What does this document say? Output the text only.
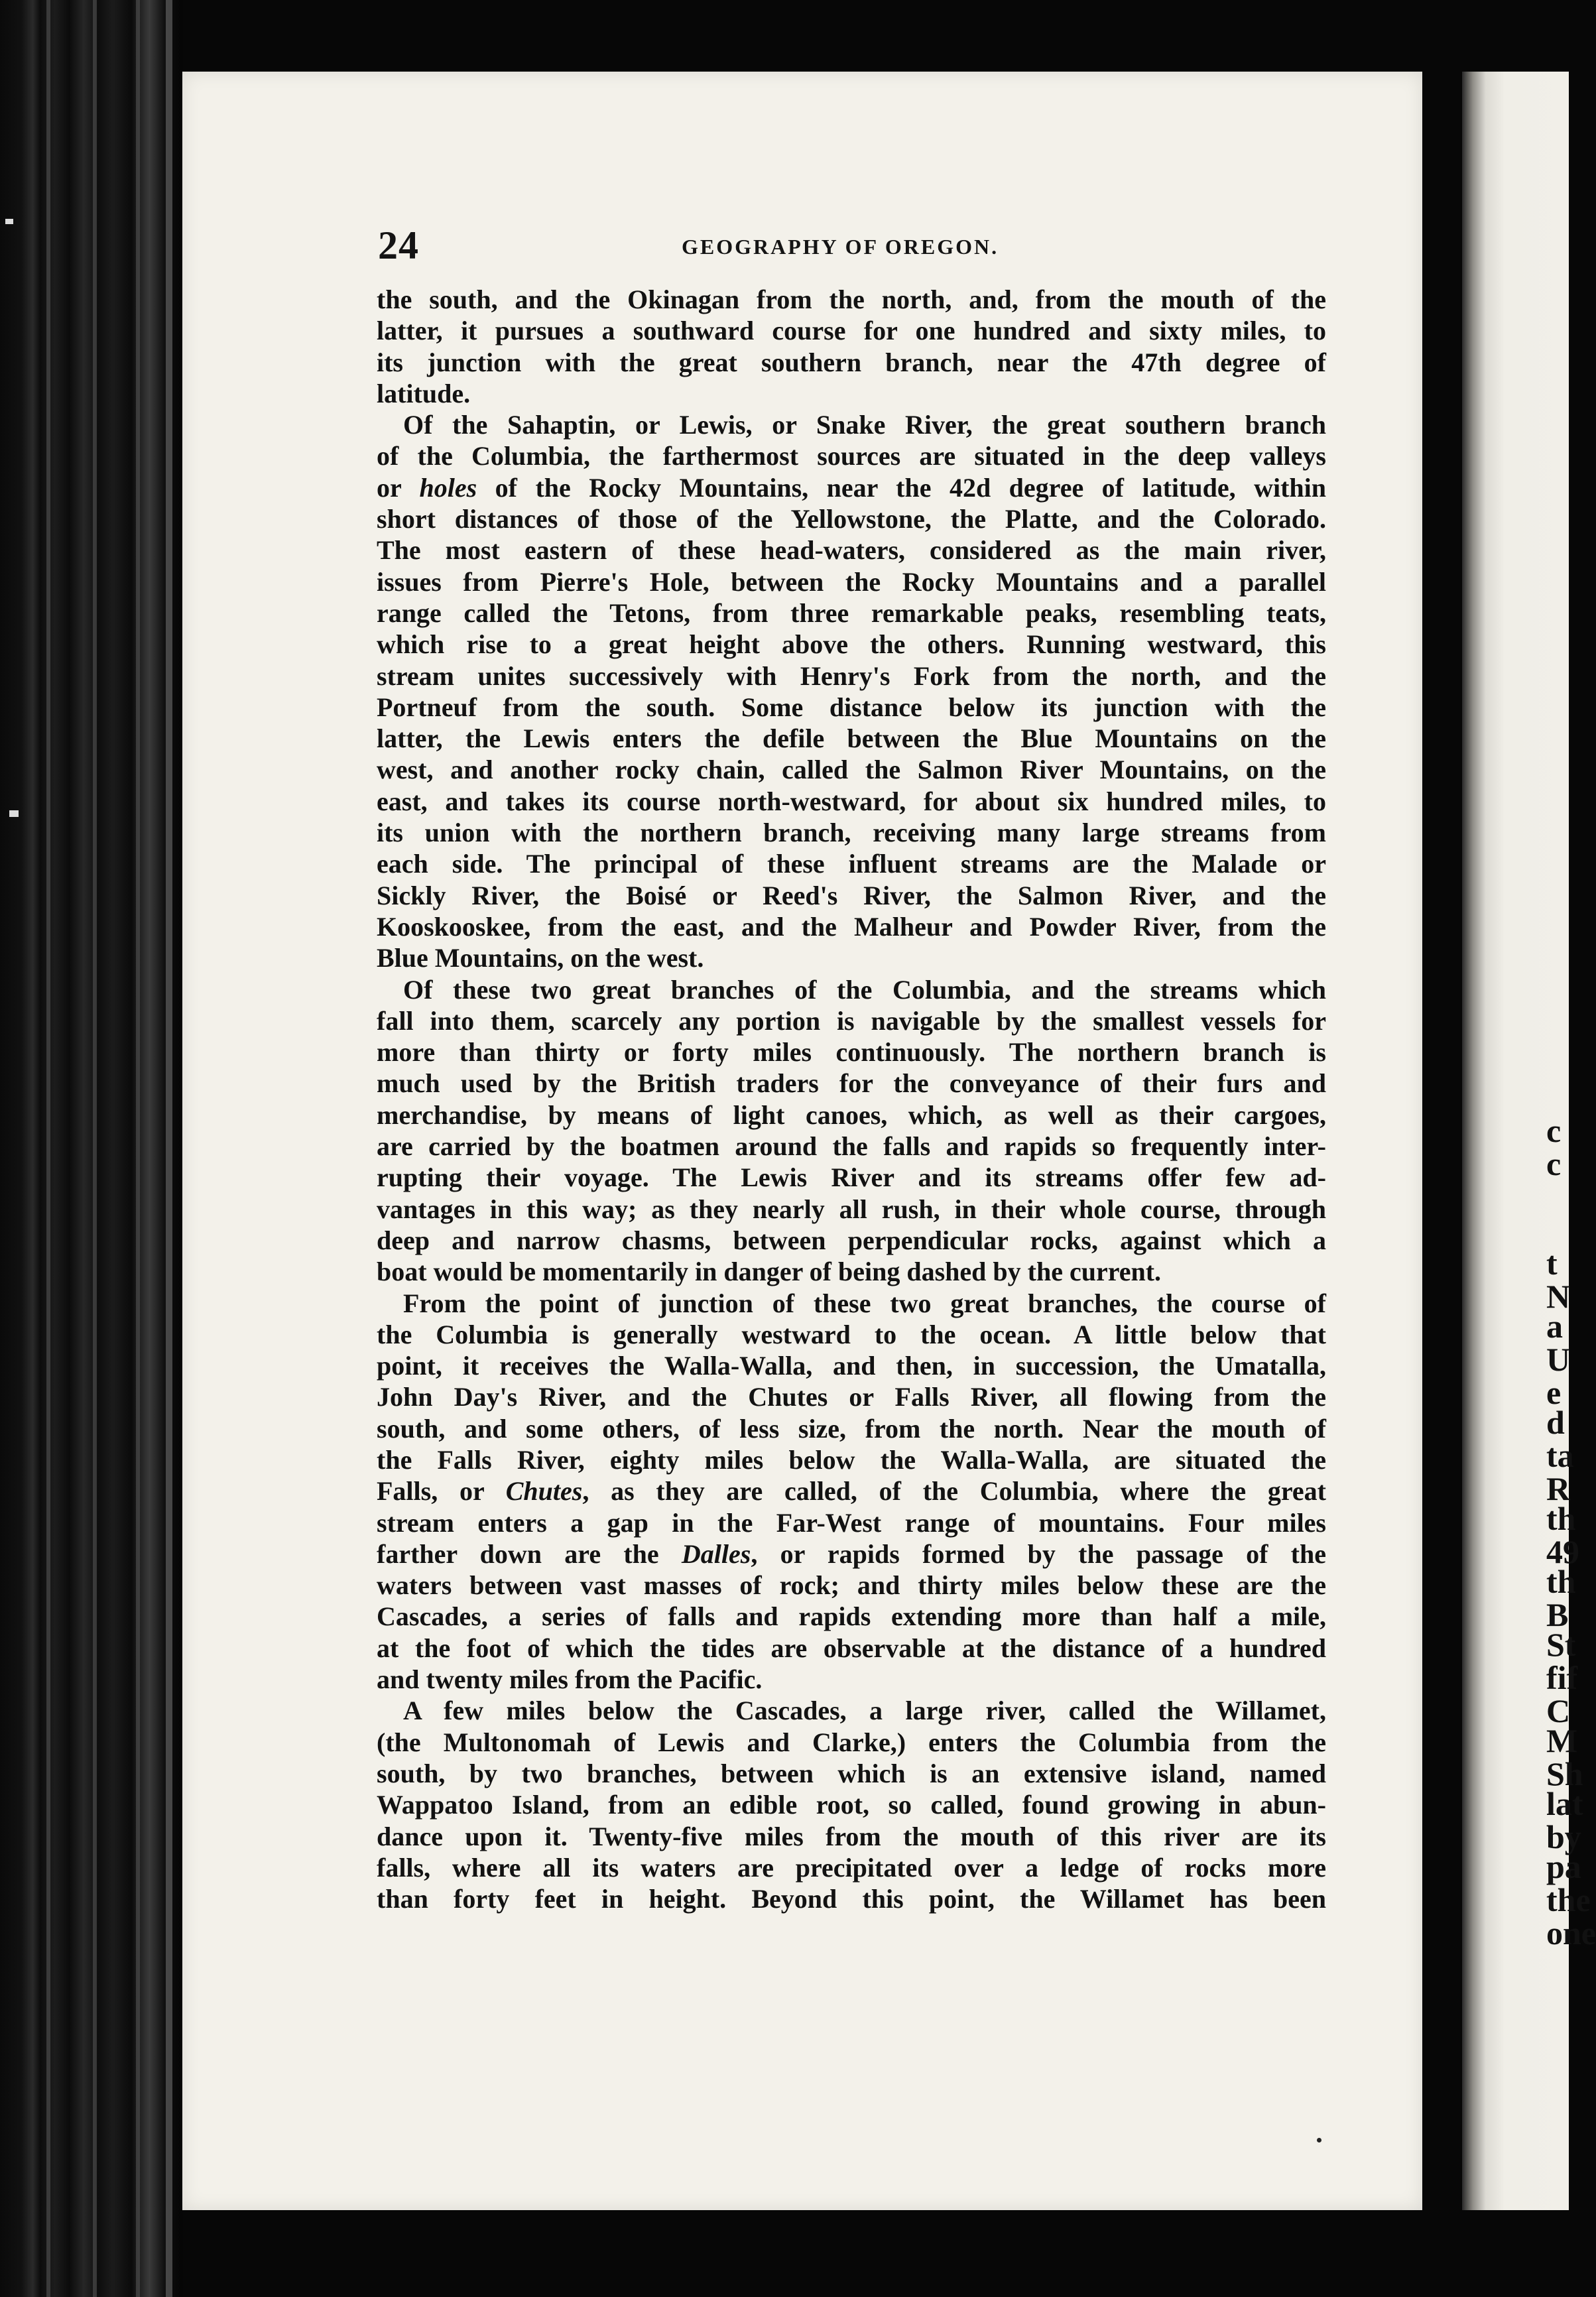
c
c
t
N
a
U
e
d
ta
R
th
49
th
B
St
fif
C
M
Sh
lat
by
pa
the
one
24	GEOGRAPHY OF OREGON.
the south, and the Okinagan from the north, and, from the mouth of the
latter, it pursues a southward course for one hundred and sixty miles, to
its junction with the great southern branch, near the 47th degree of
latitude.
Of the Sahaptin, or Lewis, or Snake River, the great southern branch
of the Columbia, the farthermost sources are situated in the deep valleys
or holes of the Rocky Mountains, near the 42d degree of latitude, within
short distances of those of the Yellowstone, the Platte, and the Colorado.
The most eastern of these head-waters, considered as the main river,
issues from Pierre's Hole, between the Rocky Mountains and a parallel
range called the Tetons, from three remarkable peaks, resembling teats,
which rise to a great height above the others. Running westward, this
stream unites successively with Henry's Fork from the north, and the
Portneuf from the south. Some distance below its junction with the
latter, the Lewis enters the defile between the Blue Mountains on the
west, and another rocky chain, called the Salmon River Mountains, on the
east, and takes its course north-westward, for about six hundred miles, to
its union with the northern branch, receiving many large streams from
each side. The principal of these influent streams are the Malade or
Sickly River, the Boisé or Reed's River, the Salmon River, and the
Kooskooskee, from the east, and the Malheur and Powder River, from the
Blue Mountains, on the west.
Of these two great branches of the Columbia, and the streams which
fall into them, scarcely any portion is navigable by the smallest vessels for
more than thirty or forty miles continuously. The northern branch is
much used by the British traders for the conveyance of their furs and
merchandise, by means of light canoes, which, as well as their cargoes,
are carried by the boatmen around the falls and rapids so frequently inter-
rupting their voyage. The Lewis River and its streams offer few ad-
vantages in this way; as they nearly all rush, in their whole course, through
deep and narrow chasms, between perpendicular rocks, against which a
boat would be momentarily in danger of being dashed by the current.
From the point of junction of these two great branches, the course of
the Columbia is generally westward to the ocean. A little below that
point, it receives the Walla-Walla, and then, in succession, the Umatalla,
John Day's River, and the Chutes or Falls River, all flowing from the
south, and some others, of less size, from the north. Near the mouth of
the Falls River, eighty miles below the Walla-Walla, are situated the
Falls, or Chutes, as they are called, of the Columbia, where the great
stream enters a gap in the Far-West range of mountains. Four miles
farther down are the Dalles, or rapids formed by the passage of the
waters between vast masses of rock; and thirty miles below these are the
Cascades, a series of falls and rapids extending more than half a mile,
at the foot of which the tides are observable at the distance of a hundred
and twenty miles from the Pacific.
A few miles below the Cascades, a large river, called the Willamet,
(the Multonomah of Lewis and Clarke,) enters the Columbia from the
south, by two branches, between which is an extensive island, named
Wappatoo Island, from an edible root, so called, found growing in abun-
dance upon it. Twenty-five miles from the mouth of this river are its
falls, where all its waters are precipitated over a ledge of rocks more
than forty feet in height. Beyond this point, the Willamet has been
